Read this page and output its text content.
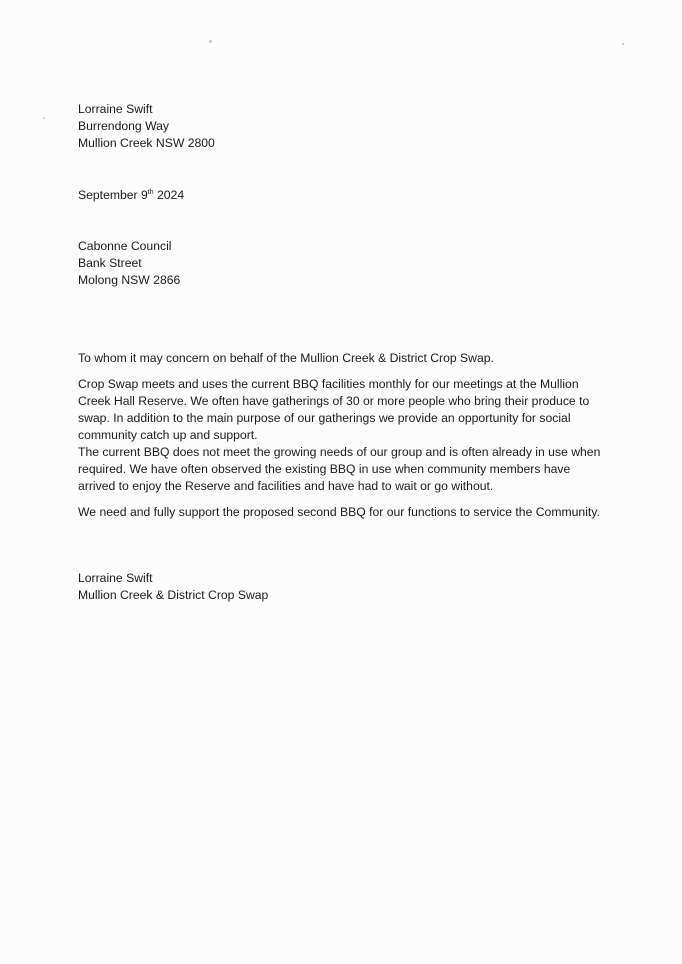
Lorraine Swift
Burrendong Way
Mullion Creek NSW 2800
September 9th 2024
Cabonne Council
Bank Street
Molong NSW 2866
To whom it may concern on behalf of the Mullion Creek & District Crop Swap.
Crop Swap meets and uses the current BBQ facilities monthly for our meetings at the Mullion Creek Hall Reserve. We often have gatherings of 30 or more people who bring their produce to swap. In addition to the main purpose of our gatherings we provide an opportunity for social community catch up and support.
The current BBQ does not meet the growing needs of our group and is often already in use when required. We have often observed the existing BBQ in use when community members have arrived to enjoy the Reserve and facilities and have had to wait or go without.
We need and fully support the proposed second BBQ for our functions to service the Community.
Lorraine Swift
Mullion Creek & District Crop Swap
